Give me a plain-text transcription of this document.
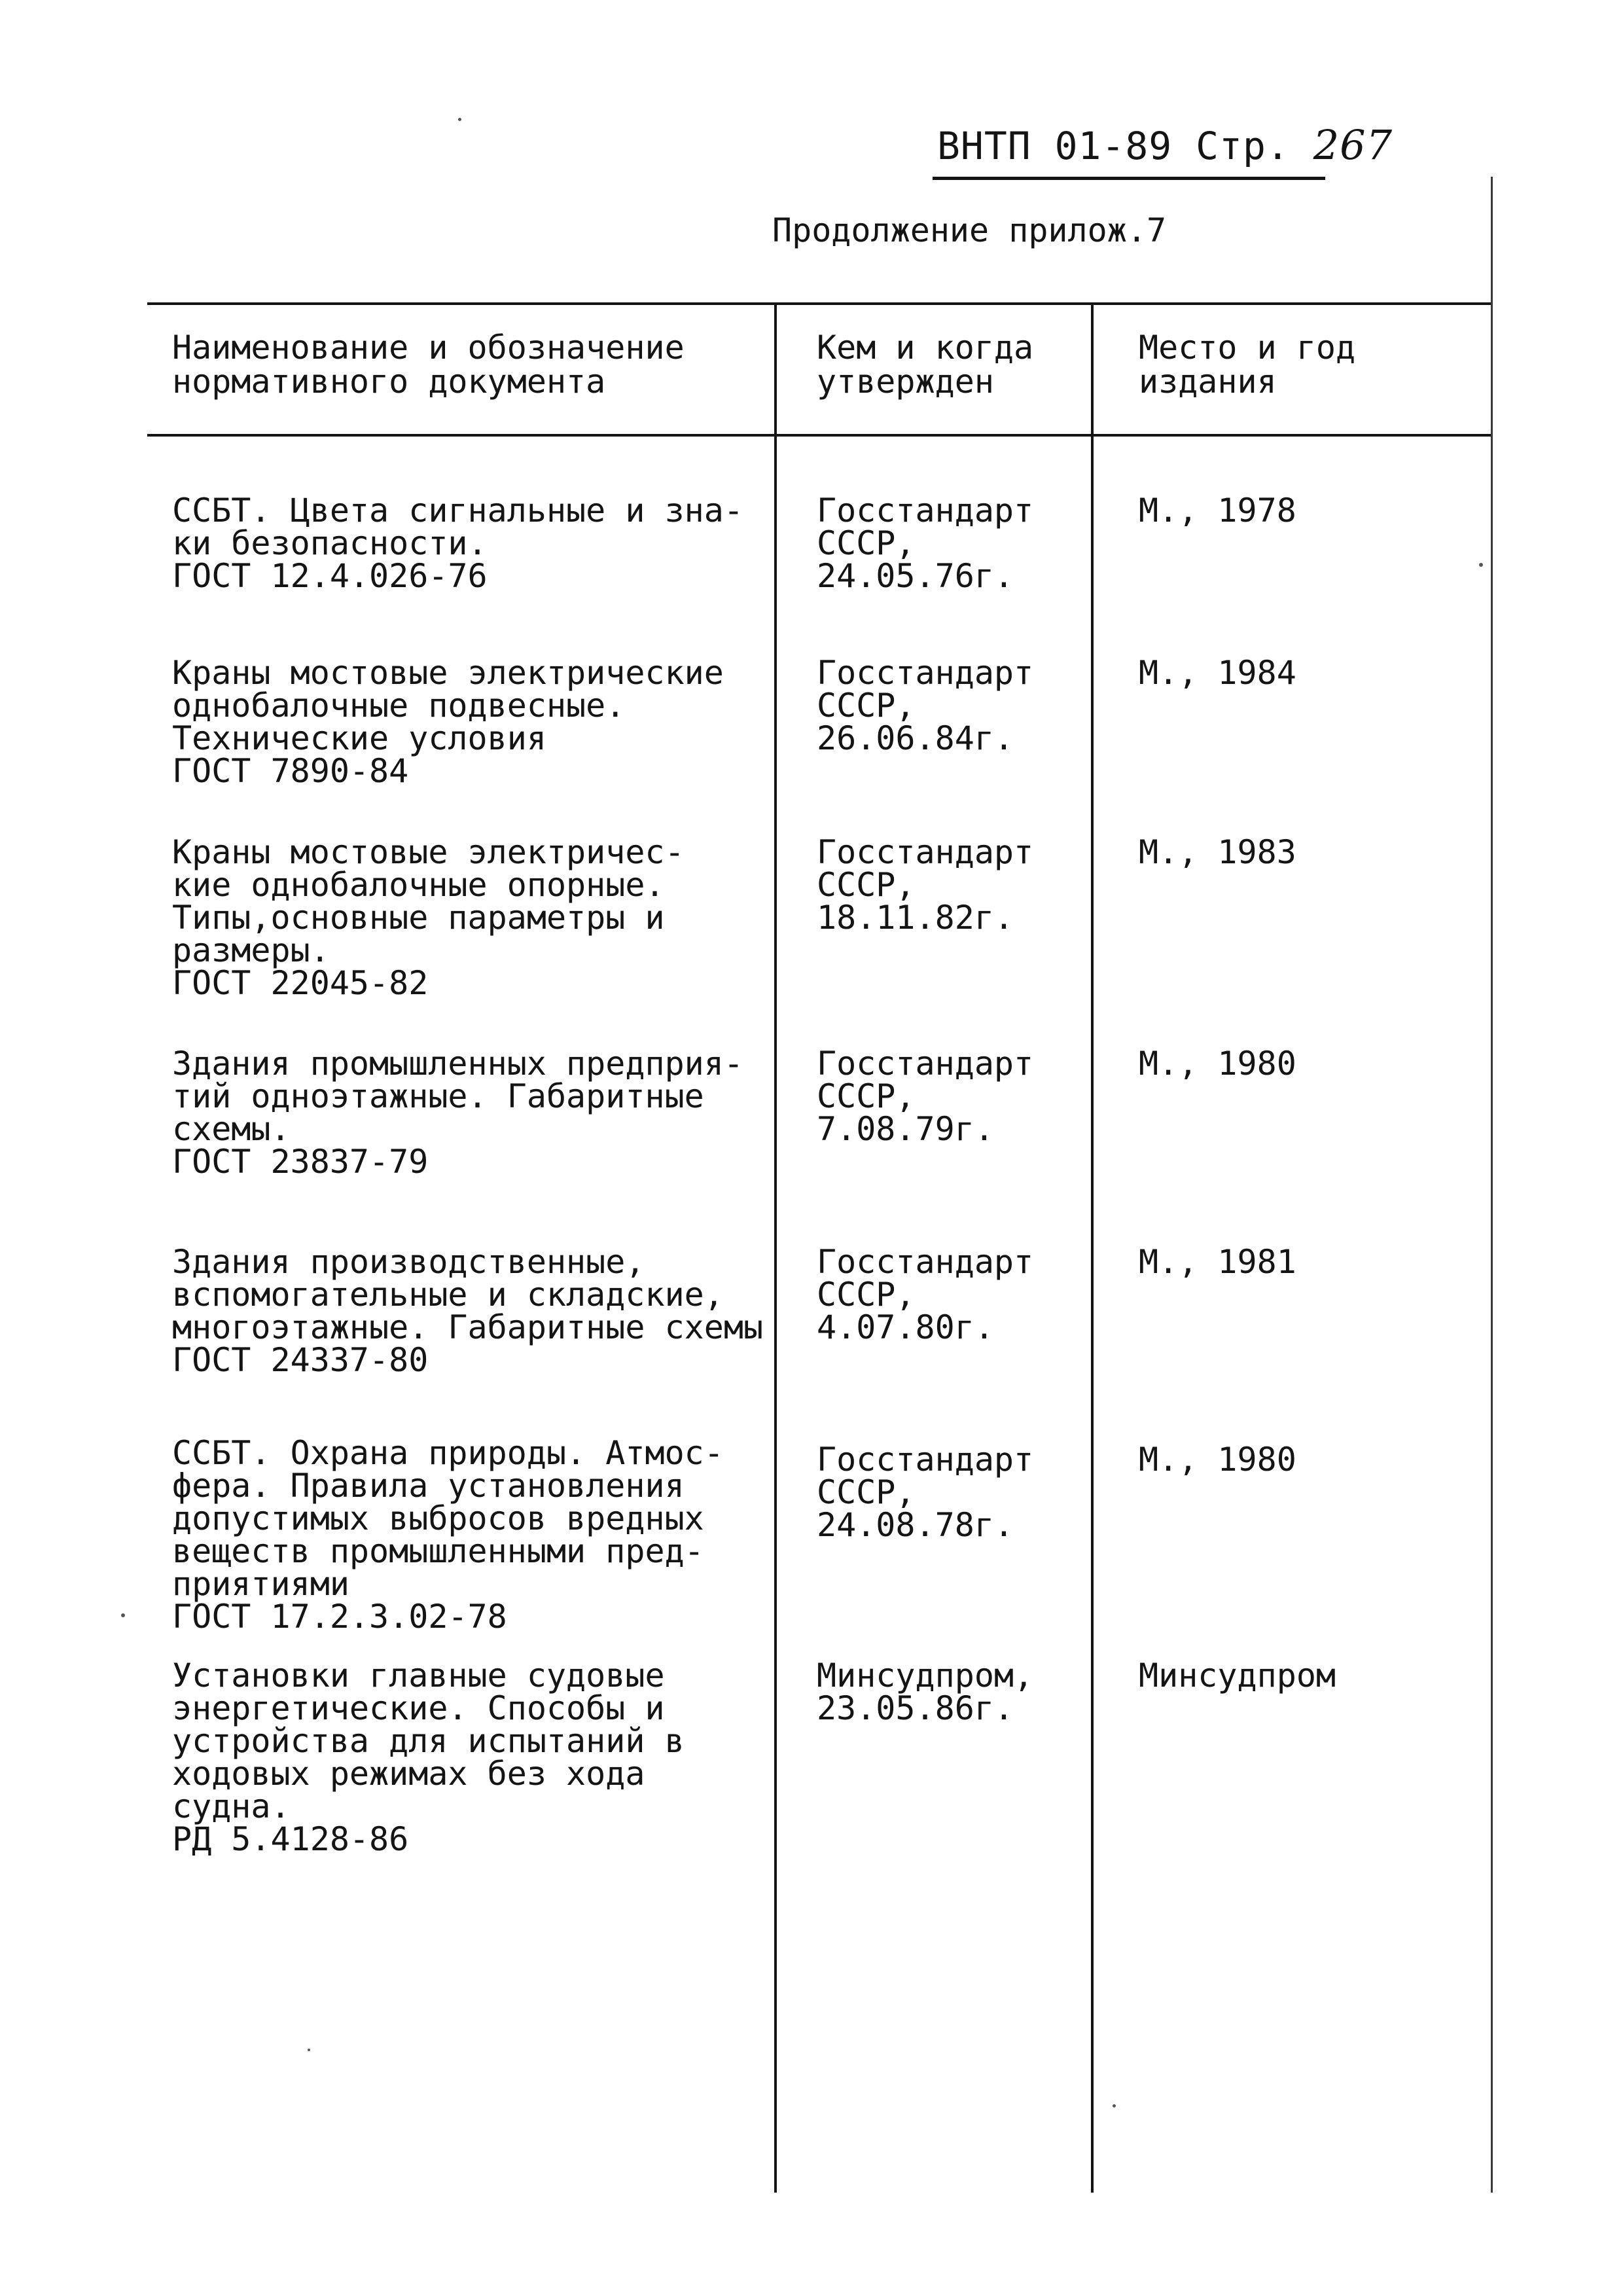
ВНТП 01-89 Стр. 267
Продолжение прилож.7
Наименование и обозначение
нормативного документа
Кем и когда
утвержден
Место и год
издания
ССБТ. Цвета сигнальные и зна-
ки безопасности.
ГОСТ 12.4.026-76
Госстандарт
СССР,
24.05.76г.
М., 1978
Краны мостовые электрические
однобалочные подвесные.
Технические условия
ГОСТ 7890-84
Госстандарт
СССР,
26.06.84г.
М., 1984
Краны мостовые электричес-
кие однобалочные опорные.
Типы,основные параметры и
размеры.
ГОСТ 22045-82
Госстандарт
СССР,
18.11.82г.
М., 1983
Здания промышленных предприя-
тий одноэтажные. Габаритные
схемы.
ГОСТ 23837-79
Госстандарт
СССР,
7.08.79г.
М., 1980
Здания производственные,
вспомогательные и складские,
многоэтажные. Габаритные схемы
ГОСТ 24337-80
Госстандарт
СССР,
4.07.80г.
М., 1981
ССБТ. Охрана природы. Атмос-
фера. Правила установления
допустимых выбросов вредных
веществ промышленными пред-
приятиями
ГОСТ 17.2.3.02-78
Госстандарт
СССР,
24.08.78г.
М., 1980
Установки главные судовые
энергетические. Способы и
устройства для испытаний в
ходовых режимах без хода
судна.
РД 5.4128-86
Минсудпром,
23.05.86г.
Минсудпром
